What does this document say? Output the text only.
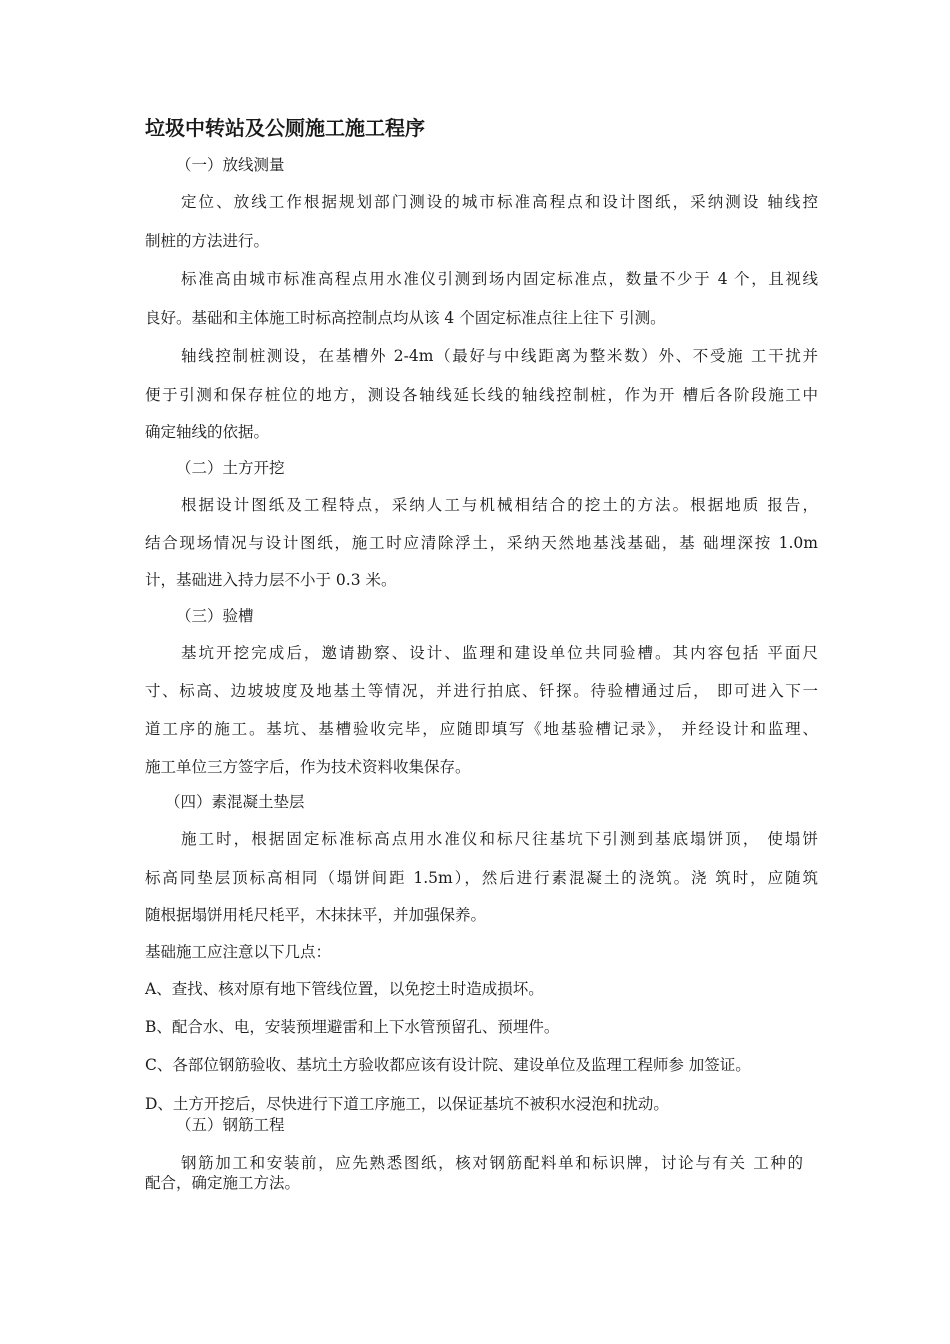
垃圾中转站及公厕施工施工程序

（一）放线测量

定位、放线工作根据规划部门测设的城市标准高程点和设计图纸，采纳测设 轴线控

制桩的方法进行。

标准高由城市标准高程点用水准仪引测到场内固定标准点，数量不少于 4 个，且视线

良好。基础和主体施工时标高控制点均从该 4 个固定标准点往上往下 引测。

轴线控制桩测设，在基槽外 2-4m（最好与中线距离为整米数）外、不受施 工干扰并

便于引测和保存桩位的地方，测设各轴线延长线的轴线控制桩，作为开 槽后各阶段施工中

确定轴线的依据。

（二）土方开挖

根据设计图纸及工程特点，采纳人工与机械相结合的挖土的方法。根据地质 报告，

结合现场情况与设计图纸，施工时应清除浮土，采纳天然地基浅基础，基 础埋深按 1.0m

计，基础进入持力层不小于 0.3 米。

（三）验槽

基坑开挖完成后，邀请勘察、设计、监理和建设单位共同验槽。其内容包括 平面尺

寸、标高、边坡坡度及地基土等情况，并进行拍底、钎探。待验槽通过后， 即可进入下一

道工序的施工。基坑、基槽验收完毕，应随即填写《地基验槽记录》， 并经设计和监理、

施工单位三方签字后，作为技术资料收集保存。

（四）素混凝土垫层

施工时，根据固定标准标高点用水准仪和标尺往基坑下引测到基底塌饼顶， 使塌饼

标高同垫层顶标高相同（塌饼间距 1.5m），然后进行素混凝土的浇筑。浇 筑时，应随筑

随根据塌饼用枆尺枆平，木抹抹平，并加强保养。

基础施工应注意以下几点：

A、查找、核对原有地下管线位置，以免挖土时造成损坏。

B、配合水、电，安装预埋避雷和上下水管预留孔、预埋件。

C、各部位钢筋验收、基坑土方验收都应该有设计院、建设单位及监理工程师参 加签证。

D、土方开挖后，尽快进行下道工序施工，以保证基坑不被积水浸泡和扰动。

（五）钢筋工程

钢筋加工和安装前，应先熟悉图纸，核对钢筋配料单和标识牌，讨论与有关 工种的

配合，确定施工方法。
